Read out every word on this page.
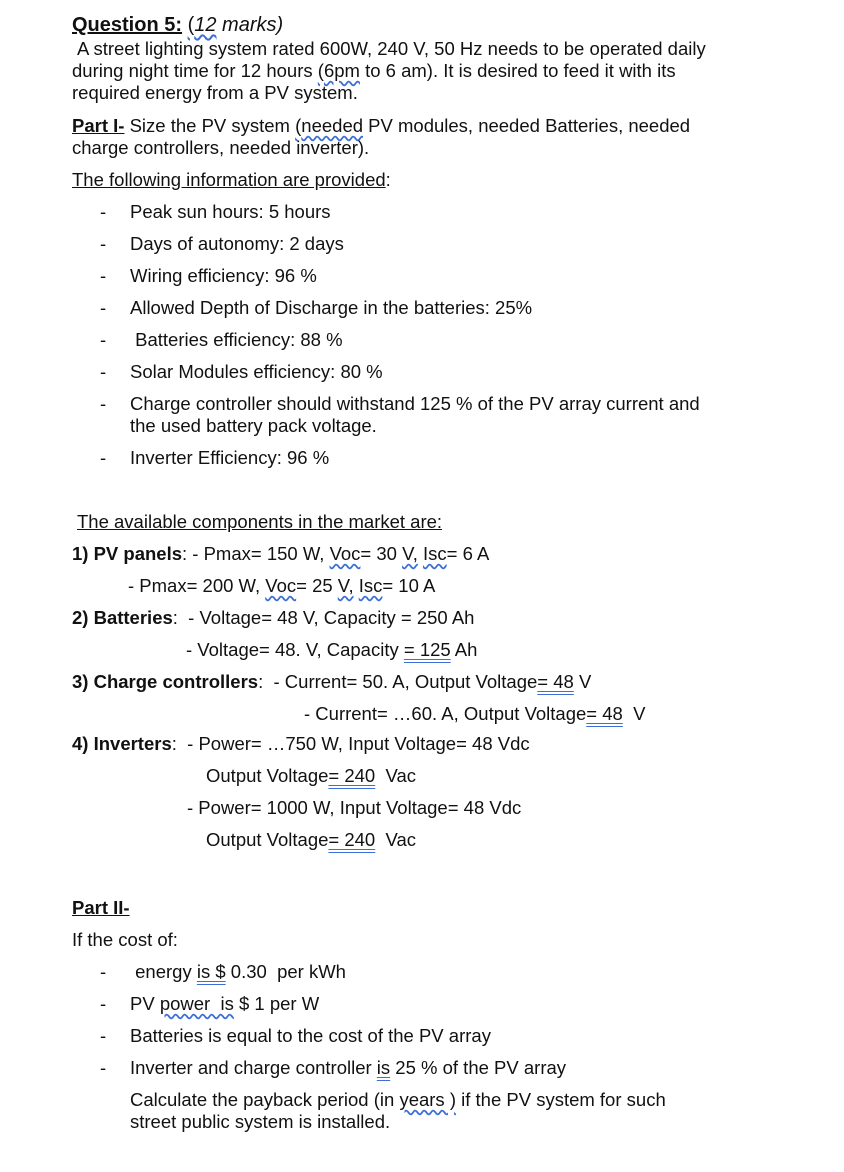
Question 5: (12 marks)
A street lighting system rated 600W, 240 V, 50 Hz needs to be operated daily
during night time for 12 hours (6pm to 6 am). It is desired to feed it with its
required energy from a PV system.
Part I- Size the PV system (needed PV modules, needed Batteries, needed
charge controllers, needed inverter).
The following information are provided:
- Peak sun hours: 5 hours
- Days of autonomy: 2 days
- Wiring efficiency: 96 %
- Allowed Depth of Discharge in the batteries: 25%
- Batteries efficiency: 88 %
- Solar Modules efficiency: 80 %
- Charge controller should withstand 125 % of the PV array current and
the used battery pack voltage.
- Inverter Efficiency: 96 %
The available components in the market are:
1) PV panels: - Pmax= 150 W, Voc= 30 V, Isc= 6 A
- Pmax= 200 W, Voc= 25 V, Isc= 10 A
2) Batteries:  - Voltage= 48 V, Capacity = 250 Ah
- Voltage= 48. V, Capacity = 125 Ah
3) Charge controllers:  - Current= 50. A, Output Voltage= 48 V
- Current= …60. A, Output Voltage= 48  V
4) Inverters:  - Power= …750 W, Input Voltage= 48 Vdc
Output Voltage= 240  Vac
- Power= 1000 W, Input Voltage= 48 Vdc
Output Voltage= 240  Vac
Part II-
If the cost of:
- energy is $ 0.30  per kWh
- PV power  is $ 1 per W
- Batteries is equal to the cost of the PV array
- Inverter and charge controller is 25 % of the PV array
Calculate the payback period (in years ) if the PV system for such
street public system is installed.
